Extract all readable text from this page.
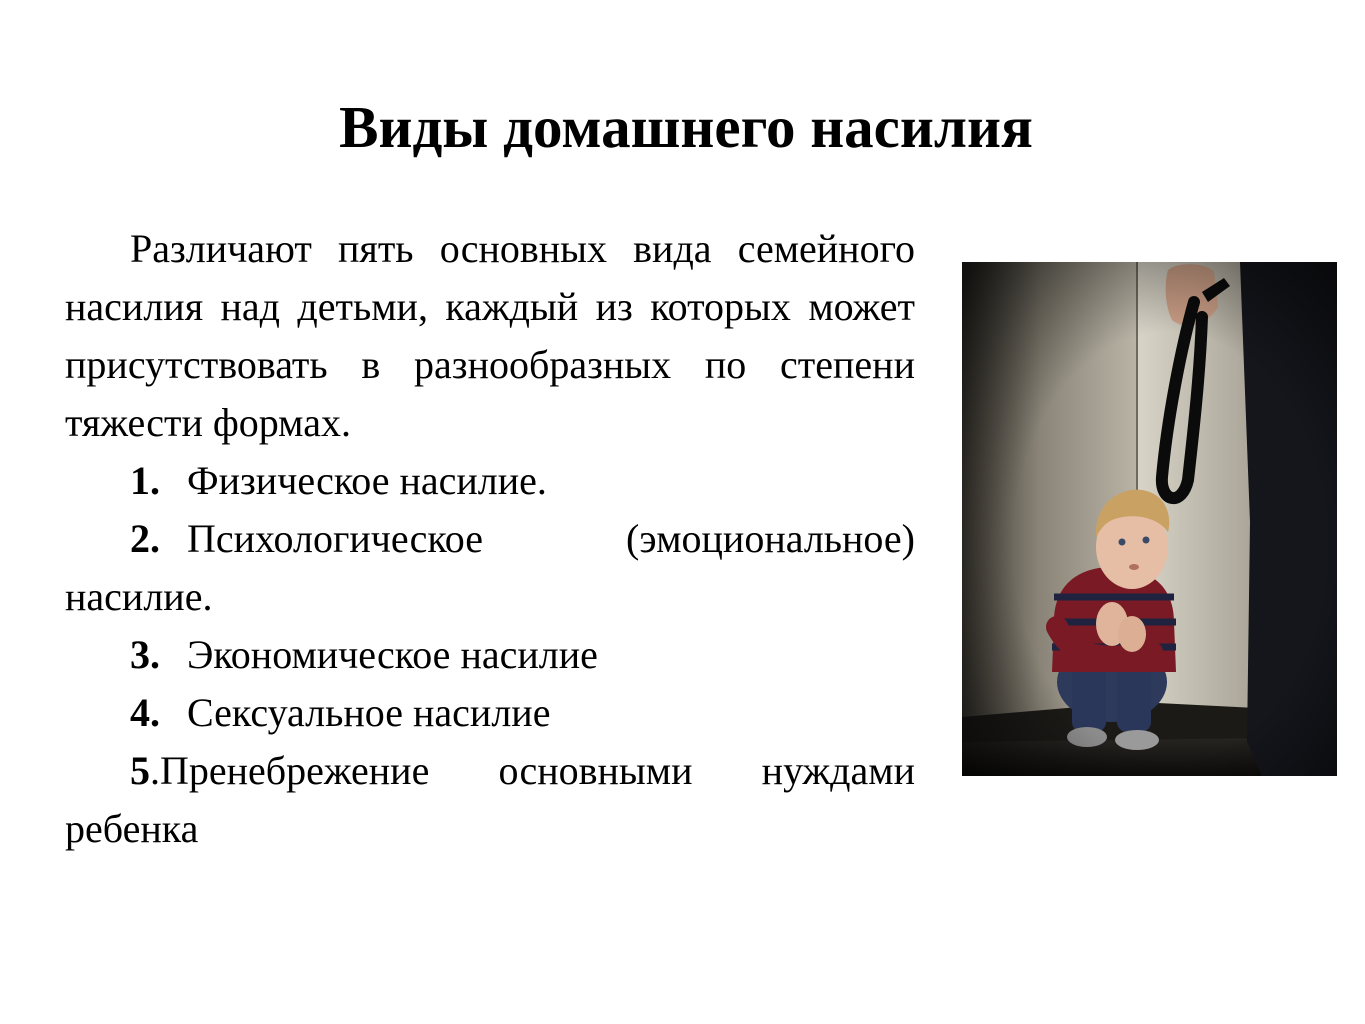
Виды домашнего насилия

Различают пять основных вида семейного насилия над детьми, каждый из которых может присутствовать в разнообразных по степени тяжести формах.

1. Физическое насилие.

2. Психологическое (эмоциональное) насилие.

3. Экономическое насилие

4. Сексуальное насилие

5.Пренебрежение основными нуждами ребенка
